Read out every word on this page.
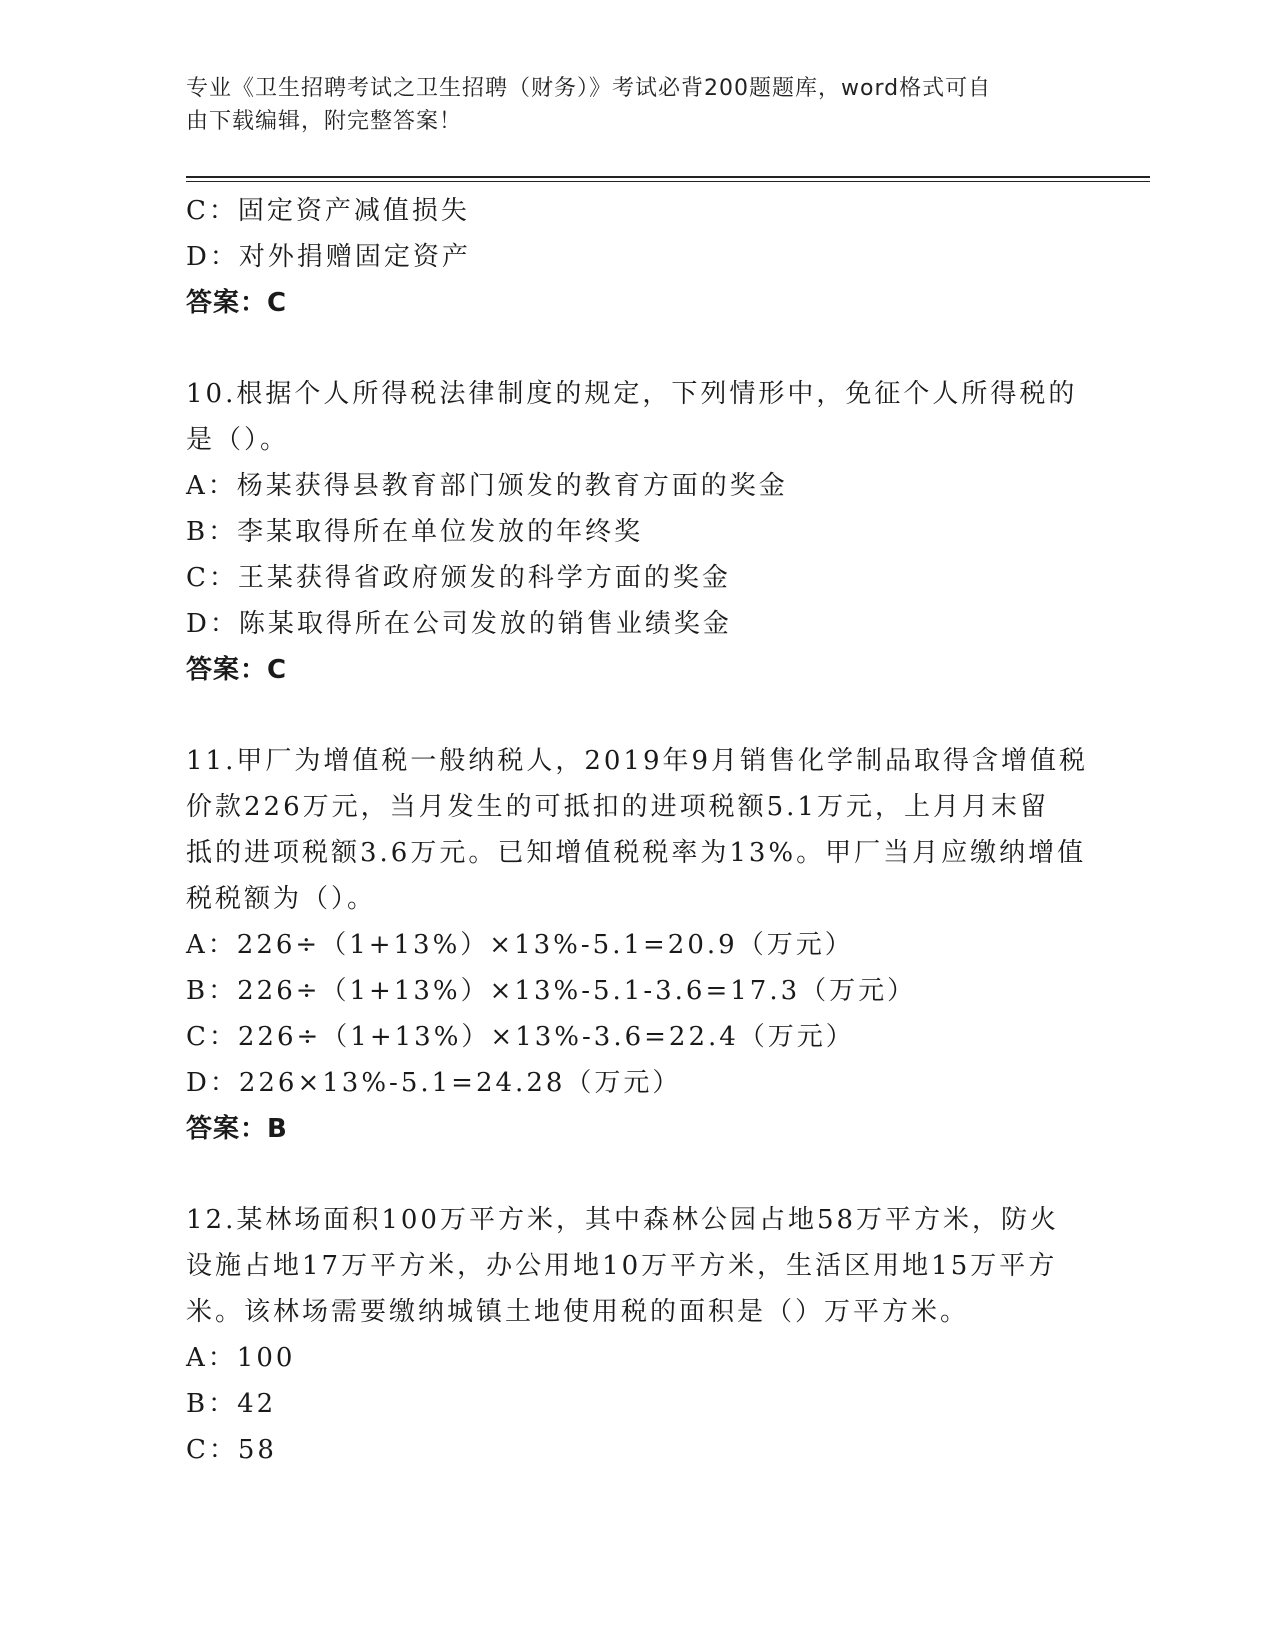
专业《卫生招聘考试之卫生招聘（财务）》考试必背200题题库，word格式可自
由下载编辑，附完整答案！
C：固定资产减值损失
D：对外捐赠固定资产
答案：C
10.根据个人所得税法律制度的规定，下列情形中，免征个人所得税的
是（）。
A：杨某获得县教育部门颁发的教育方面的奖金
B：李某取得所在单位发放的年终奖
C：王某获得省政府颁发的科学方面的奖金
D：陈某取得所在公司发放的销售业绩奖金
答案：C
11.甲厂为增值税一般纳税人，2019年9月销售化学制品取得含增值税
价款226万元，当月发生的可抵扣的进项税额5.1万元，上月月末留
抵的进项税额3.6万元。已知增值税税率为13%。甲厂当月应缴纳增值
税税额为（）。
A：226÷（1+13%）×13%-5.1=20.9（万元）
B：226÷（1+13%）×13%-5.1-3.6=17.3（万元）
C：226÷（1+13%）×13%-3.6=22.4（万元）
D：226×13%-5.1=24.28（万元）
答案：B
12.某林场面积100万平方米，其中森林公园占地58万平方米，防火
设施占地17万平方米，办公用地10万平方米，生活区用地15万平方
米。该林场需要缴纳城镇土地使用税的面积是（）万平方米。
A：100
B：42
C：58
